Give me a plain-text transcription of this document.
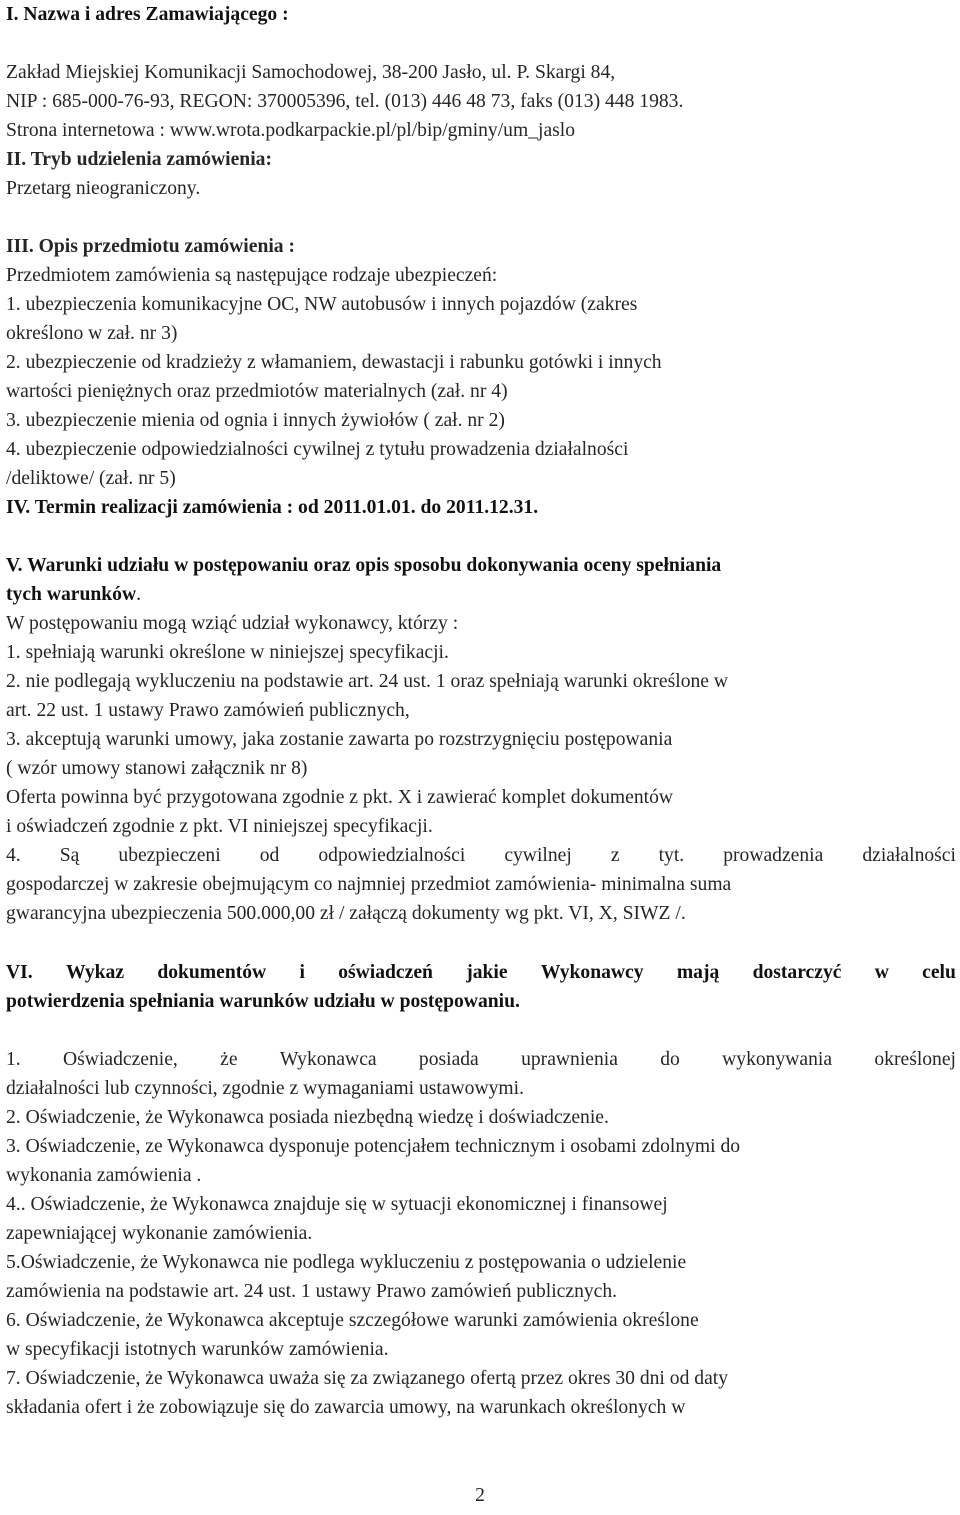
I. Nazwa i adres Zamawiającego :
Zakład Miejskiej Komunikacji Samochodowej, 38-200 Jasło, ul. P. Skargi 84,
NIP : 685-000-76-93, REGON: 370005396, tel. (013) 446 48 73, faks (013) 448 1983.
Strona internetowa : www.wrota.podkarpackie.pl/pl/bip/gminy/um_jaslo
II. Tryb udzielenia zamówienia:
Przetarg nieograniczony.
III. Opis przedmiotu zamówienia :
Przedmiotem zamówienia są następujące rodzaje ubezpieczeń:
1. ubezpieczenia komunikacyjne OC, NW autobusów i innych pojazdów (zakres
określono w zał. nr 3)
2. ubezpieczenie od kradzieży z włamaniem, dewastacji i rabunku gotówki i innych
wartości pieniężnych oraz przedmiotów materialnych (zał. nr 4)
3. ubezpieczenie mienia od ognia i innych żywiołów ( zał. nr 2)
4. ubezpieczenie odpowiedzialności cywilnej z tytułu prowadzenia działalności
/deliktowe/ (zał. nr 5)
IV. Termin realizacji zamówienia : od 2011.01.01. do 2011.12.31.
V. Warunki udziału w postępowaniu oraz opis sposobu dokonywania oceny spełniania
tych warunków.
W postępowaniu mogą wziąć udział wykonawcy, którzy :
1. spełniają warunki określone w niniejszej specyfikacji.
2. nie podlegają wykluczeniu na podstawie art. 24 ust. 1 oraz spełniają warunki określone w
art. 22 ust. 1 ustawy Prawo zamówień publicznych,
3. akceptują warunki umowy, jaka zostanie zawarta po rozstrzygnięciu postępowania
( wzór umowy stanowi załącznik nr 8)
Oferta powinna być przygotowana zgodnie z pkt. X i zawierać komplet dokumentów
i oświadczeń zgodnie z pkt. VI niniejszej specyfikacji.
4. Są ubezpieczeni od odpowiedzialności cywilnej z tyt. prowadzenia działalności
gospodarczej w zakresie obejmującym co najmniej przedmiot zamówienia- minimalna suma
gwarancyjna ubezpieczenia 500.000,00 zł / załączą dokumenty wg pkt. VI, X, SIWZ /.
VI. Wykaz dokumentów i oświadczeń jakie Wykonawcy mają dostarczyć w celu
potwierdzenia spełniania warunków udziału w postępowaniu.
1. Oświadczenie, że Wykonawca posiada uprawnienia do wykonywania określonej
działalności lub czynności, zgodnie z wymaganiami ustawowymi.
2. Oświadczenie, że Wykonawca posiada niezbędną wiedzę i doświadczenie.
3. Oświadczenie, ze Wykonawca dysponuje potencjałem technicznym i osobami zdolnymi do
wykonania zamówienia .
4.. Oświadczenie, że Wykonawca znajduje się w sytuacji ekonomicznej i finansowej
zapewniającej wykonanie zamówienia.
5.Oświadczenie, że Wykonawca nie podlega wykluczeniu z postępowania o udzielenie
zamówienia na podstawie art. 24 ust. 1 ustawy Prawo zamówień publicznych.
6. Oświadczenie, że Wykonawca akceptuje szczegółowe warunki zamówienia określone
w specyfikacji istotnych warunków zamówienia.
7. Oświadczenie, że Wykonawca uważa się za związanego ofertą przez okres 30 dni od daty
składania ofert i że zobowiązuje się do zawarcia umowy, na warunkach określonych w
2
